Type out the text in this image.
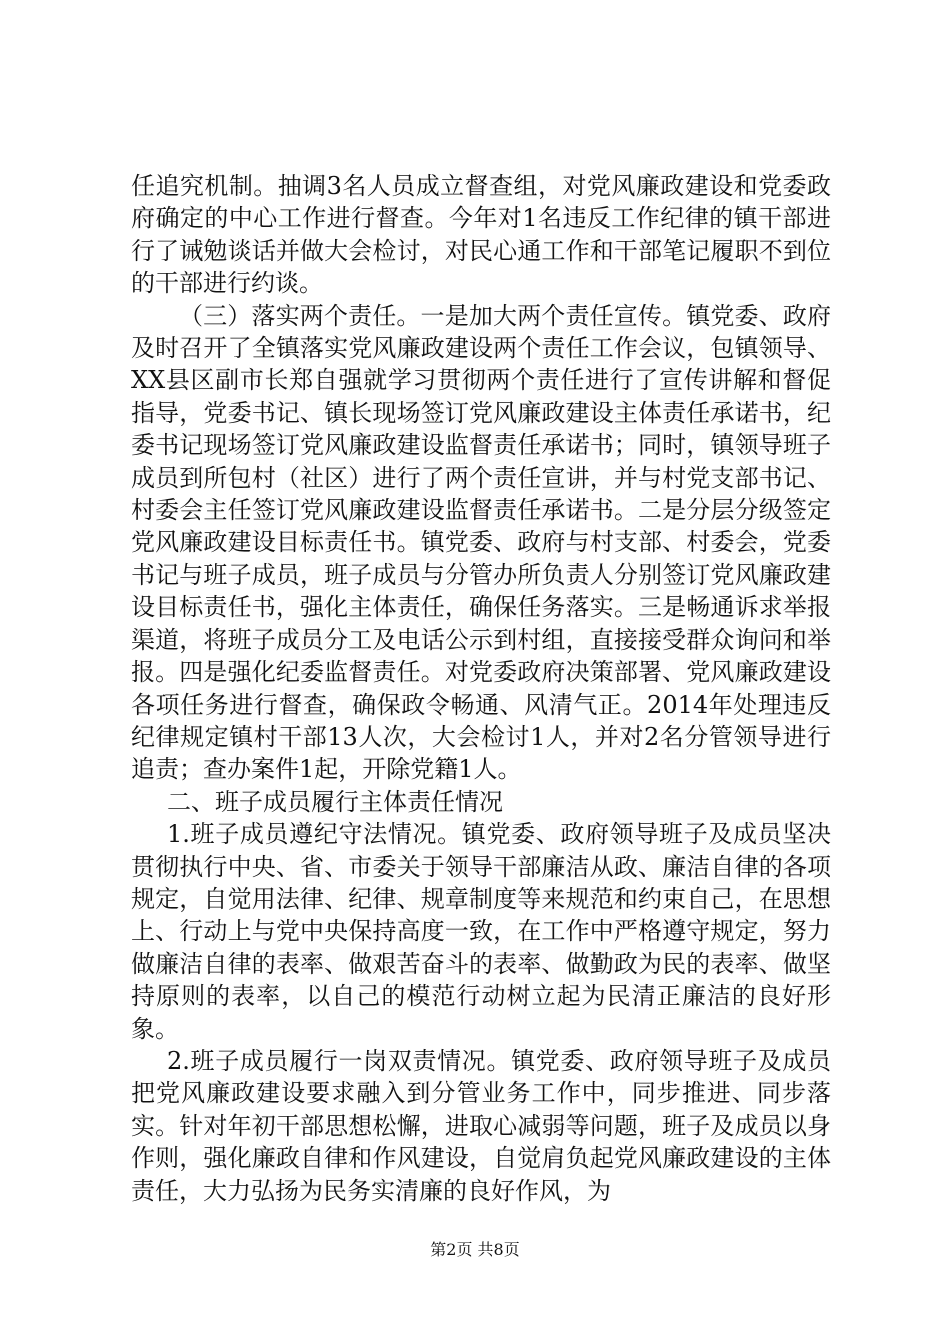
任追究机制。抽调3名人员成立督查组，对党风廉政建设和党委政府确定的中心工作进行督查。今年对1名违反工作纪律的镇干部进行了诫勉谈话并做大会检讨，对民心通工作和干部笔记履职不到位的干部进行约谈。

（三）落实两个责任。一是加大两个责任宣传。镇党委、政府及时召开了全镇落实党风廉政建设两个责任工作会议，包镇领导、XX县区副市长郑自强就学习贯彻两个责任进行了宣传讲解和督促指导，党委书记、镇长现场签订党风廉政建设主体责任承诺书，纪委书记现场签订党风廉政建设监督责任承诺书；同时，镇领导班子成员到所包村（社区）进行了两个责任宣讲，并与村党支部书记、村委会主任签订党风廉政建设监督责任承诺书。二是分层分级签定党风廉政建设目标责任书。镇党委、政府与村支部、村委会，党委书记与班子成员，班子成员与分管办所负责人分别签订党风廉政建设目标责任书，强化主体责任，确保任务落实。三是畅通诉求举报渠道，将班子成员分工及电话公示到村组，直接接受群众询问和举报。四是强化纪委监督责任。对党委政府决策部署、党风廉政建设各项任务进行督查，确保政令畅通、风清气正。2014年处理违反纪律规定镇村干部13人次，大会检讨1人，并对2名分管领导进行追责；查办案件1起，开除党籍1人。

二、班子成员履行主体责任情况

1.班子成员遵纪守法情况。镇党委、政府领导班子及成员坚决贯彻执行中央、省、市委关于领导干部廉洁从政、廉洁自律的各项规定，自觉用法律、纪律、规章制度等来规范和约束自己，在思想上、行动上与党中央保持高度一致，在工作中严格遵守规定，努力做廉洁自律的表率、做艰苦奋斗的表率、做勤政为民的表率、做坚持原则的表率，以自己的模范行动树立起为民清正廉洁的良好形象。

2.班子成员履行一岗双责情况。镇党委、政府领导班子及成员把党风廉政建设要求融入到分管业务工作中，同步推进、同步落实。针对年初干部思想松懈，进取心减弱等问题，班子及成员以身作则，强化廉政自律和作风建设，自觉肩负起党风廉政建设的主体责任，大力弘扬为民务实清廉的良好作风，为

第2页 共8页
